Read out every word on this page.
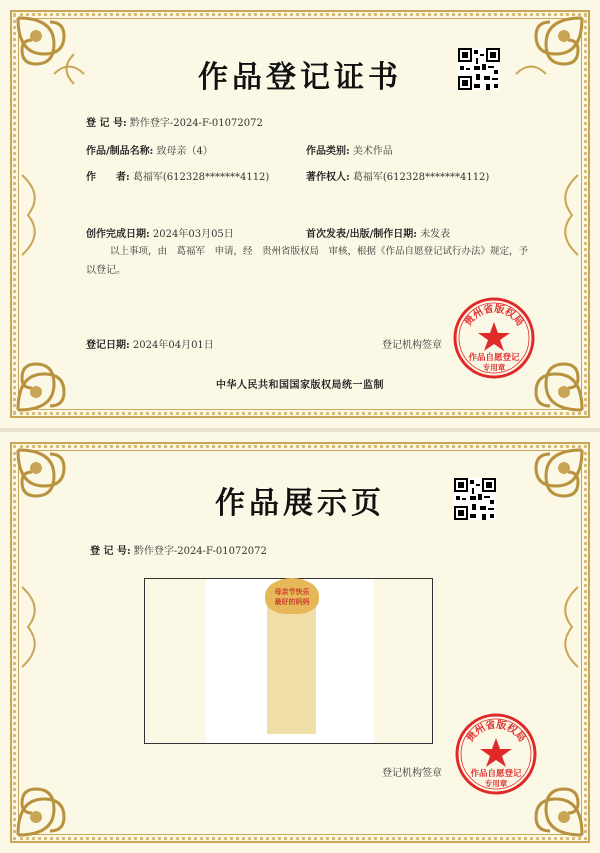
作品登记证书
登 记 号: 黔作登字-2024-F-01072072
作品/制品名称: 致母亲（4）	作品类别: 美术作品
作　　者: 葛福军(612328*******4112)	著作权人: 葛福军(612328*******4112)
创作完成日期: 2024年03月05日	首次发表/出版/制作日期: 未发表
以上事项，由　葛福军　申请，经　贵州省版权局　审核，根据《作品自愿登记试行办法》规定，予
以登记。
登记日期: 2024年04月01日	登记机构签章
贵州省版权局
作品自愿登记
专用章
中华人民共和国国家版权局统一监制
作品展示页
登 记 号: 黔作登字-2024-F-01072072
登记机构签章
贵州省版权局
作品自愿登记
专用章
母亲节快乐
最好的妈妈
